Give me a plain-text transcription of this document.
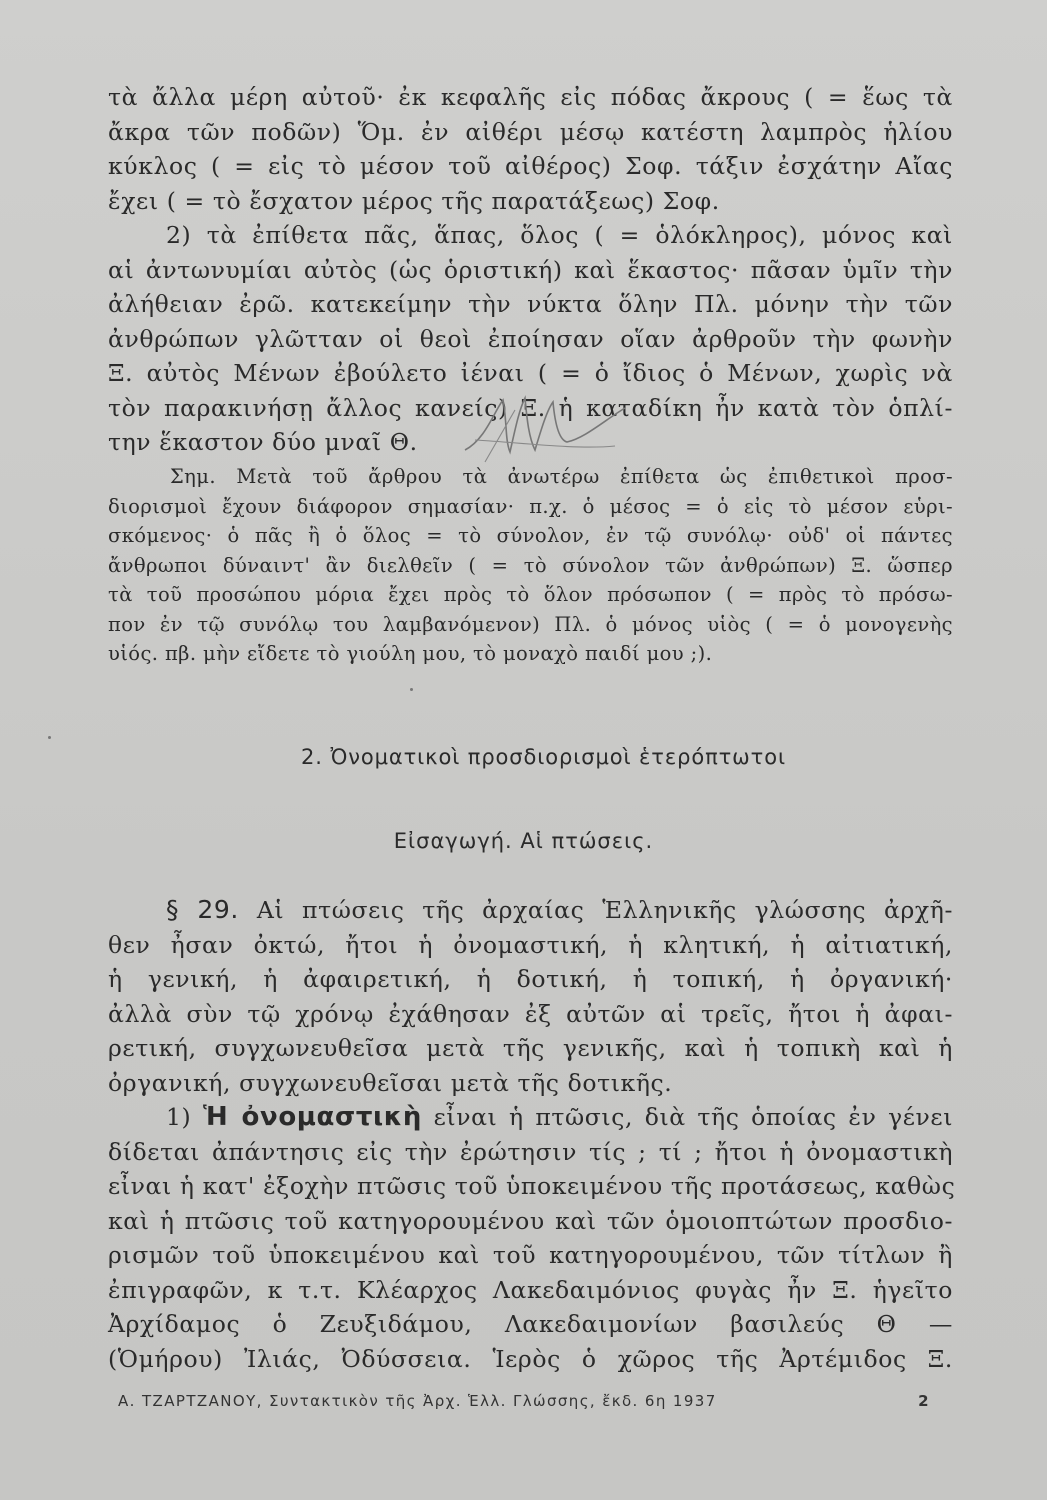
τὰ ἄλλα μέρη αὐτοῦ· ἐκ κεφαλῆς εἰς πόδας ἄκρους ( = ἕως τὰ
ἄκρα τῶν ποδῶν) Ὅμ. ἐν αἰθέρι μέσῳ κατέστη λαμπρὸς ἡλίου
κύκλος ( = εἰς τὸ μέσον τοῦ αἰθέρος) Σοφ. τάξιν ἐσχάτην Αἴας
ἔχει ( = τὸ ἔσχατον μέρος τῆς παρατάξεως) Σοφ.
2) τὰ ἐπίθετα πᾶς, ἅπας, ὅλος ( = ὁλόκληρος), μόνος καὶ
αἱ ἀντωνυμίαι αὐτὸς (ὡς ὁριστική) καὶ ἕκαστος· πᾶσαν ὑμῖν τὴν
ἀλήθειαν ἐρῶ. κατεκείμην τὴν νύκτα ὅλην Πλ. μόνην τὴν τῶν
ἀνθρώπων γλῶτταν οἱ θεοὶ ἐποίησαν οἵαν ἀρθροῦν τὴν φωνὴν
Ξ. αὐτὸς Μένων ἐβούλετο ἰέναι ( = ὁ ἴδιος ὁ Μένων, χωρὶς νὰ
τὸν παρακινήσῃ ἄλλος κανείς) Ξ. ἡ καταδίκη ἦν κατὰ τὸν ὁπλί-
την ἕκαστον δύο μναῖ Θ.
Σημ. Μετὰ τοῦ ἄρθρου τὰ ἀνωτέρω ἐπίθετα ὡς ἐπιθετικοὶ προσ-
διορισμοὶ ἔχουν διάφορον σημασίαν· π.χ. ὁ μέσος = ὁ εἰς τὸ μέσον εὑρι-
σκόμενος· ὁ πᾶς ἢ ὁ ὅλος = τὸ σύνολον, ἐν τῷ συνόλῳ· οὐδ' οἱ πάντες
ἄνθρωποι δύναιντ' ἂν διελθεῖν ( = τὸ σύνολον τῶν ἀνθρώπων) Ξ. ὥσπερ
τὰ τοῦ προσώπου μόρια ἔχει πρὸς τὸ ὅλον πρόσωπον ( = πρὸς τὸ πρόσω-
πον ἐν τῷ συνόλῳ του λαμβανόμενον) Πλ. ὁ μόνος υἱὸς ( = ὁ μονογενὴς
υἱός. πβ. μὴν εἴδετε τὸ γιούλη μου, τὸ μοναχὸ παιδί μου ;).
2. Ὀνοματικοὶ προσδιορισμοὶ ἑτερόπτωτοι
Εἰσαγωγή. Αἱ πτώσεις.
§ 29. Αἱ πτώσεις τῆς ἀρχαίας Ἑλληνικῆς γλώσσης ἀρχῆ-
θεν ἦσαν ὀκτώ, ἤτοι ἡ ὀνομαστική, ἡ κλητική, ἡ αἰτιατική,
ἡ γενική, ἡ ἀφαιρετική, ἡ δοτική, ἡ τοπική, ἡ ὀργανική·
ἀλλὰ σὺν τῷ χρόνῳ ἐχάθησαν ἐξ αὐτῶν αἱ τρεῖς, ἤτοι ἡ ἀφαι-
ρετική, συγχωνευθεῖσα μετὰ τῆς γενικῆς, καὶ ἡ τοπικὴ καὶ ἡ
ὀργανική, συγχωνευθεῖσαι μετὰ τῆς δοτικῆς.
1) Ἡ ὀνομαστικὴ εἶναι ἡ πτῶσις, διὰ τῆς ὁποίας ἐν γένει
δίδεται ἀπάντησις εἰς τὴν ἐρώτησιν τίς ; τί ; ἤτοι ἡ ὀνομαστικὴ
εἶναι ἡ κατ' ἐξοχὴν πτῶσις τοῦ ὑποκειμένου τῆς προτάσεως, καθὼς
καὶ ἡ πτῶσις τοῦ κατηγορουμένου καὶ τῶν ὁμοιοπτώτων προσδιο-
ρισμῶν τοῦ ὑποκειμένου καὶ τοῦ κατηγορουμένου, τῶν τίτλων ἢ
ἐπιγραφῶν, κ τ.τ. Κλέαρχος Λακεδαιμόνιος φυγὰς ἦν Ξ. ἡγεῖτο
Ἀρχίδαμος ὁ Ζευξιδάμου, Λακεδαιμονίων βασιλεύς Θ —
(Ὁμήρου) Ἰλιάς, Ὀδύσσεια. Ἱερὸς ὁ χῶρος τῆς Ἀρτέμιδος Ξ.
Α. ΤΖΑΡΤΖΑΝΟΥ, Συντακτικὸν τῆς Ἀρχ. Ἑλλ. Γλώσσης, ἔκδ. 6η 1937	2
